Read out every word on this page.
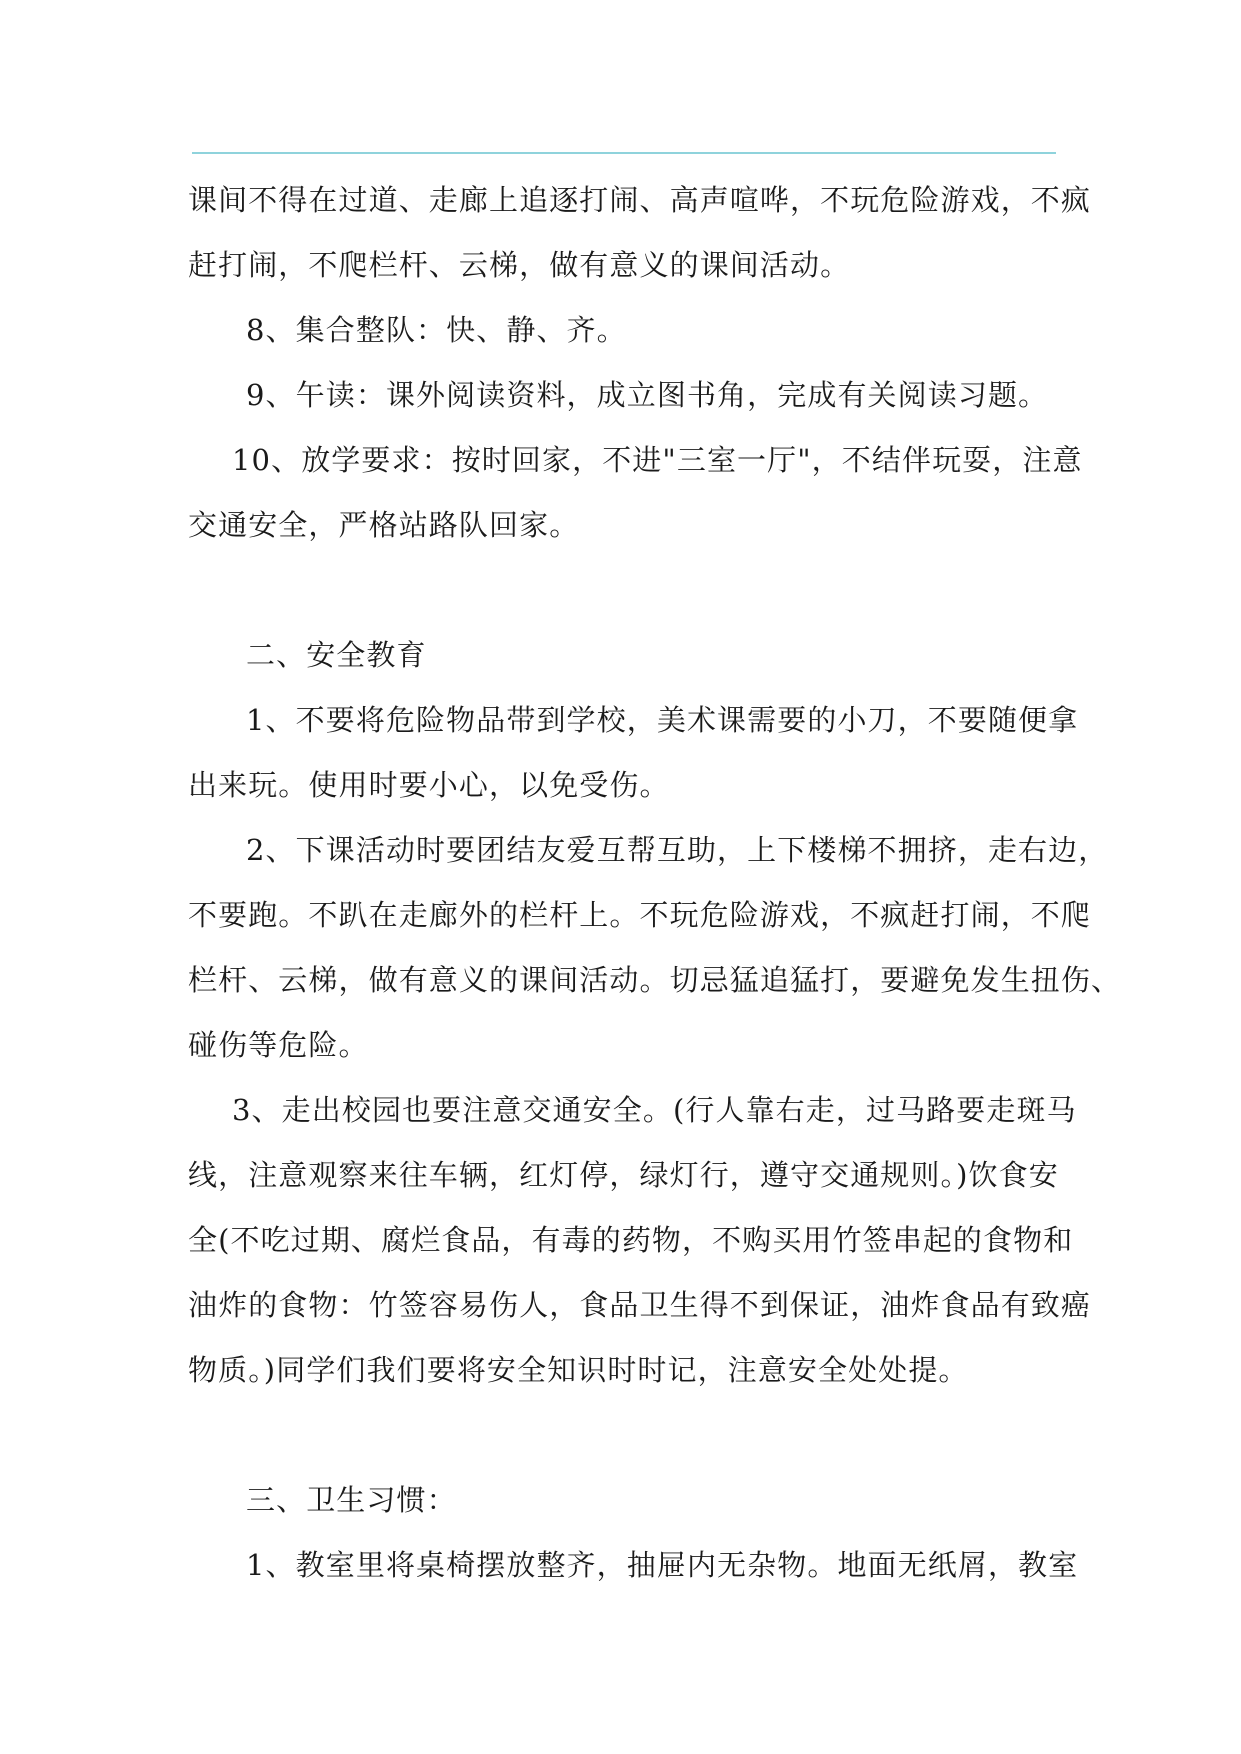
课间不得在过道、走廊上追逐打闹、高声喧哗，不玩危险游戏，不疯
赶打闹，不爬栏杆、云梯，做有意义的课间活动。
8、集合整队：快、静、齐。
9、午读：课外阅读资料，成立图书角，完成有关阅读习题。
10、放学要求：按时回家，不进"三室一厅"，不结伴玩耍，注意
交通安全，严格站路队回家。
二、安全教育
1、不要将危险物品带到学校，美术课需要的小刀，不要随便拿
出来玩。使用时要小心，以免受伤。
2、下课活动时要团结友爱互帮互助，上下楼梯不拥挤，走右边，
不要跑。不趴在走廊外的栏杆上。不玩危险游戏，不疯赶打闹，不爬
栏杆、云梯，做有意义的课间活动。切忌猛追猛打，要避免发生扭伤、
碰伤等危险。
3、走出校园也要注意交通安全。(行人靠右走，过马路要走斑马
线，注意观察来往车辆，红灯停，绿灯行，遵守交通规则。)饮食安
全(不吃过期、腐烂食品，有毒的药物，不购买用竹签串起的食物和
油炸的食物：竹签容易伤人，食品卫生得不到保证，油炸食品有致癌
物质。)同学们我们要将安全知识时时记，注意安全处处提。
三、卫生习惯：
1、教室里将桌椅摆放整齐，抽屉内无杂物。地面无纸屑，教室
